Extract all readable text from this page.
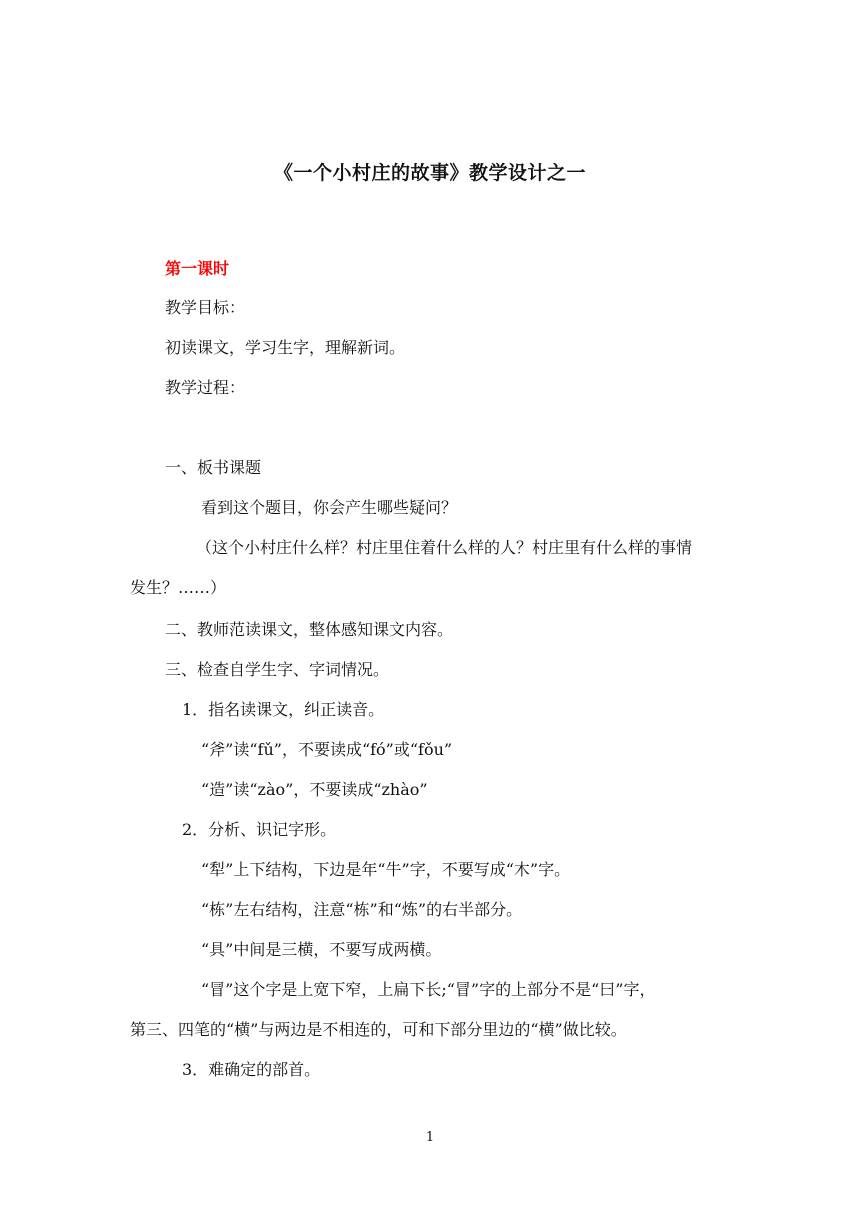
《一个小村庄的故事》教学设计之一
第一课时
教学目标：
初读课文，学习生字，理解新词。
教学过程：
一、板书课题
看到这个题目，你会产生哪些疑问？
（这个小村庄什么样？村庄里住着什么样的人？村庄里有什么样的事情
发生？……）
二、教师范读课文，整体感知课文内容。
三、检查自学生字、字词情况。
1．指名读课文，纠正读音。
“斧”读“fǔ”，不要读成“fó”或“fǒu”
“造”读“zào”，不要读成“zhào”
2．分析、识记字形。
“犁”上下结构，下边是年“牛”字，不要写成“木”字。
“栋”左右结构，注意“栋”和“炼”的右半部分。
“具”中间是三横，不要写成两横。
“冒”这个字是上宽下窄，上扁下长;“冒”字的上部分不是“曰”字，
第三、四笔的“横”与两边是不相连的，可和下部分里边的“横”做比较。
3．难确定的部首。
1
